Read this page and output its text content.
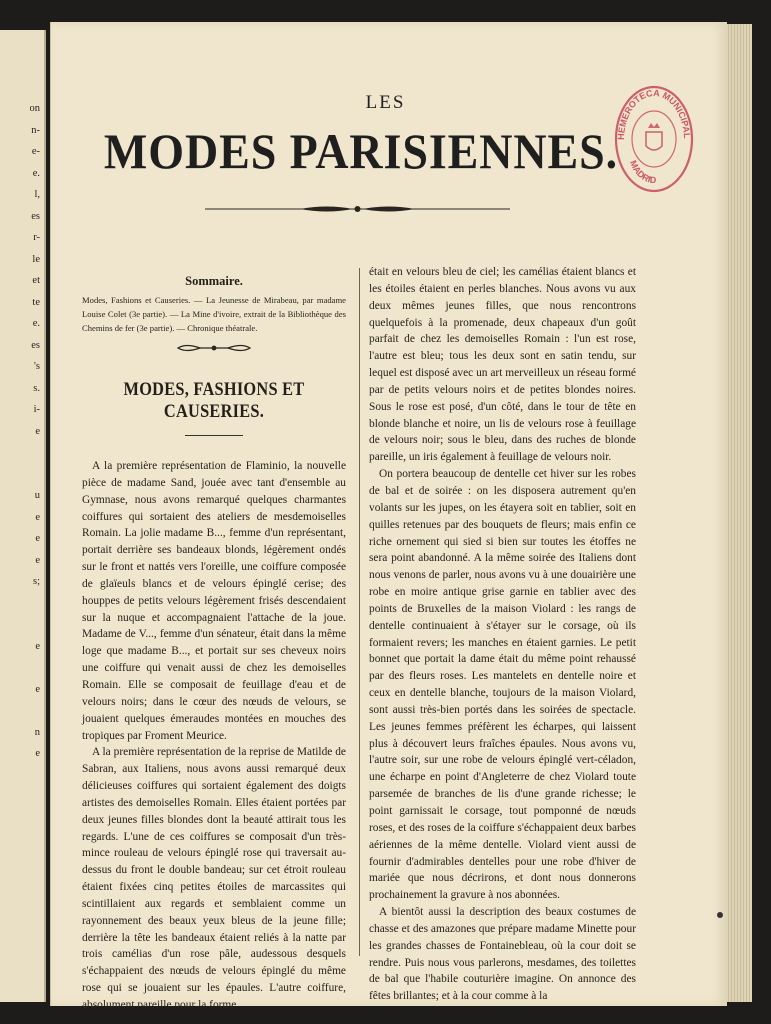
on
n-
e-
e.
l,
es
r-
le
et
te
e.
es
's
s.
i-
e
u
e
e
e
s;
e
e
n
e
LES
MODES PARISIENNES.
HEMEROTECA MUNICIPAL
MADRID
Sommaire.
Modes, Fashions et Causeries. — La Jeunesse de Mirabeau, par madame Louise Colet (3e partie). — La Mine d'ivoire, extrait de la Bibliothèque des Chemins de fer (3e partie). — Chronique théatrale.
MODES, FASHIONS ET CAUSERIES.

A la première représentation de Flaminio, la nouvelle pièce de madame Sand, jouée avec tant d'ensemble au Gymnase, nous avons remarqué quelques charmantes coiffures qui sortaient des ateliers de mesdemoiselles Romain. La jolie madame B..., femme d'un représentant, portait derrière ses bandeaux blonds, légèrement ondés sur le front et nattés vers l'oreille, une coiffure composée de glaïeuls blancs et de velours épinglé cerise; des houppes de petits velours légèrement frisés descendaient sur la nuque et accompagnaient l'attache de la joue. Madame de V..., femme d'un sénateur, était dans la même loge que madame B..., et portait sur ses cheveux noirs une coiffure qui venait aussi de chez les demoiselles Romain. Elle se composait de feuillage d'eau et de velours noirs; dans le cœur des nœuds de velours, se jouaient quelques émeraudes montées en mouches des tropiques par Froment Meurice.

A la première représentation de la reprise de Matilde de Sabran, aux Italiens, nous avons aussi remarqué deux délicieuses coiffures qui sortaient également des doigts artistes des demoiselles Romain. Elles étaient portées par deux jeunes filles blondes dont la beauté attirait tous les regards. L'une de ces coiffures se composait d'un très-mince rouleau de velours épinglé rose qui traversait au-dessus du front le double bandeau; sur cet étroit rouleau étaient fixées cinq petites étoiles de marcassites qui scintillaient aux regards et semblaient comme un rayonnement des beaux yeux bleus de la jeune fille; derrière la tête les bandeaux étaient reliés à la natte par trois camélias d'un rose pâle, audessous desquels s'échappaient des nœuds de velours épinglé du même rose qui se jouaient sur les épaules. L'autre coiffure, absolument pareille pour la forme,

était en velours bleu de ciel; les camélias étaient blancs et les étoiles étaient en perles blanches. Nous avons vu aux deux mêmes jeunes filles, que nous rencontrons quelquefois à la promenade, deux chapeaux d'un goût parfait de chez les demoiselles Romain : l'un est rose, l'autre est bleu; tous les deux sont en satin tendu, sur lequel est disposé avec un art merveilleux un réseau formé par de petits velours noirs et de petites blondes noires. Sous le rose est posé, d'un côté, dans le tour de tête en blonde blanche et noire, un lis de velours rose à feuillage de velours noir; sous le bleu, dans des ruches de blonde pareille, un iris également à feuillage de velours noir.

On portera beaucoup de dentelle cet hiver sur les robes de bal et de soirée : on les disposera autrement qu'en volants sur les jupes, on les étayera soit en tablier, soit en quilles retenues par des bouquets de fleurs; mais enfin ce riche ornement qui sied si bien sur toutes les étoffes ne sera point abandonné. A la même soirée des Italiens dont nous venons de parler, nous avons vu à une douairière une robe en moire antique grise garnie en tablier avec des points de Bruxelles de la maison Violard : les rangs de dentelle continuaient à s'étayer sur le corsage, où ils formaient revers; les manches en étaient garnies. Le petit bonnet que portait la dame était du même point rehaussé par des fleurs roses. Les mantelets en dentelle noire et ceux en dentelle blanche, toujours de la maison Violard, sont aussi très-bien portés dans les soirées de spectacle. Les jeunes femmes préfèrent les écharpes, qui laissent plus à découvert leurs fraîches épaules. Nous avons vu, l'autre soir, sur une robe de velours épinglé vert-céladon, une écharpe en point d'Angleterre de chez Violard toute parsemée de branches de lis d'une grande richesse; le point garnissait le corsage, tout pomponné de nœuds roses, et des roses de la coiffure s'échappaient deux barbes aériennes de la même dentelle. Violard vient aussi de fournir d'admirables dentelles pour une robe d'hiver de mariée que nous décrirons, et dont nous donnerons prochainement la gravure à nos abonnées.

A bientôt aussi la description des beaux costumes de chasse et des amazones que prépare madame Minette pour les grandes chasses de Fontainebleau, où la cour doit se rendre. Puis nous vous parlerons, mesdames, des toilettes de bal que l'habile couturière imagine. On annonce des fêtes brillantes; et à la cour comme à la
